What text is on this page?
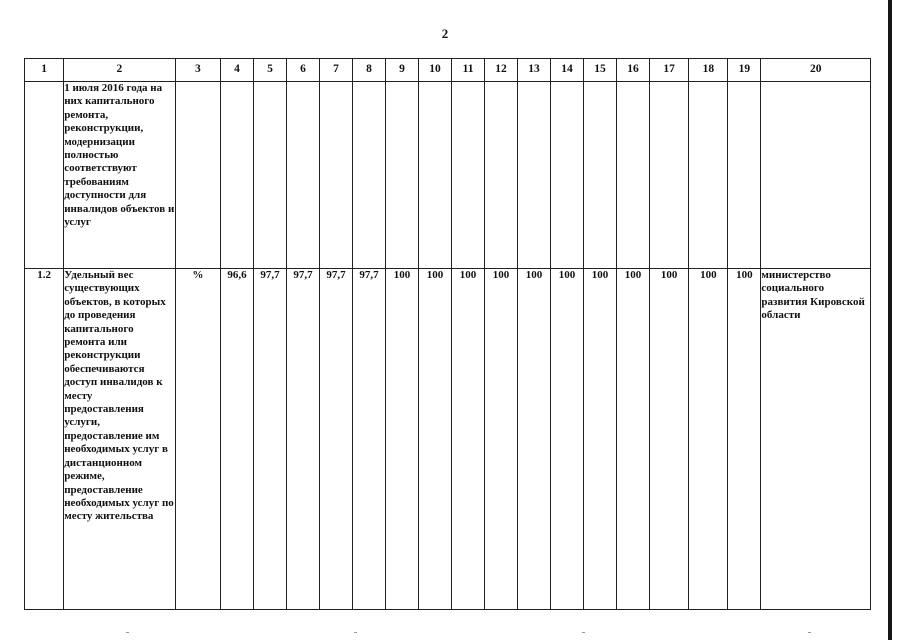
2
1	2	3	4	5	6	7	8	9	10	11	12	13	14	15	16	17	18	19	20
	1 июля 2016 года на них капитального ремонта, реконструкции, модернизации полностью соответствуют требованиям доступности для инвалидов объектов и услуг																		
1.2	Удельный вес существующих объектов, в которых до проведения капитального ремонта или реконструкции обеспечиваются доступ инвалидов к месту предоставления услуги, предоставление им необходимых услуг в дистанционном режиме, предоставление необходимых услуг по месту жительства	%	96,6	97,7	97,7	97,7	97,7	100	100	100	100	100	100	100	100	100	100	100	министерство социального развития Кировской области
